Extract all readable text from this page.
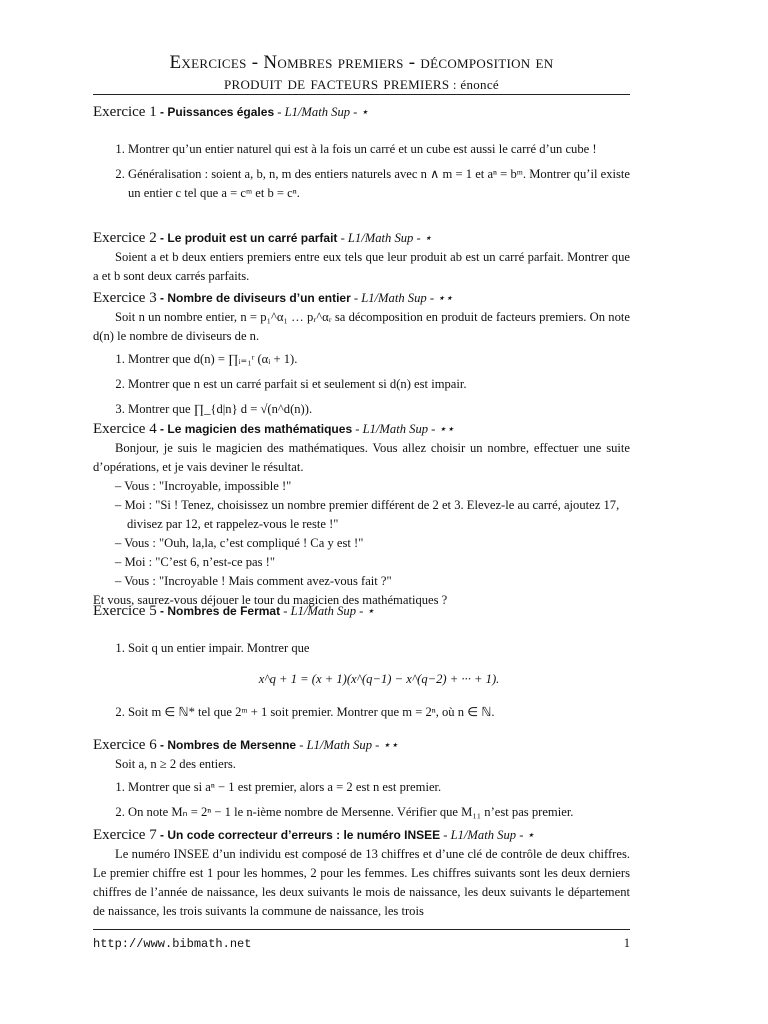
Exercices - Nombres premiers - décomposition en
produit de facteurs premiers : énoncé
Exercice 1 - Puissances égales - L1/Math Sup - ⋆
1. Montrer qu’un entier naturel qui est à la fois un carré et un cube est aussi le carré d’un cube !
2. Généralisation : soient a, b, n, m des entiers naturels avec n ∧ m = 1 et aⁿ = bᵐ. Montrer qu’il existe un entier c tel que a = cᵐ et b = cⁿ.
Exercice 2 - Le produit est un carré parfait - L1/Math Sup - ⋆

Soient a et b deux entiers premiers entre eux tels que leur produit ab est un carré parfait. Montrer que a et b sont deux carrés parfaits.

Exercice 3 - Nombre de diviseurs d’un entier - L1/Math Sup - ⋆⋆

Soit n un nombre entier, n = p₁^α₁ … pᵣ^αᵣ sa décomposition en produit de facteurs premiers. On note d(n) le nombre de diviseurs de n.

1. Montrer que d(n) = ∏ᵢ₌₁ʳ (αᵢ + 1).
2. Montrer que n est un carré parfait si et seulement si d(n) est impair.
3. Montrer que ∏_{d|n} d = √(n^d(n)).
Exercice 4 - Le magicien des mathématiques - L1/Math Sup - ⋆⋆

Bonjour, je suis le magicien des mathématiques. Vous allez choisir un nombre, effectuer une suite d’opérations, et je vais deviner le résultat.

– Vous : "Incroyable, impossible !"
– Moi : "Si ! Tenez, choisissez un nombre premier différent de 2 et 3. Elevez-le au carré, ajoutez 17, divisez par 12, et rappelez-vous le reste !"
– Vous : "Ouh, la,la, c’est compliqué ! Ca y est !"
– Moi : "C’est 6, n’est-ce pas !"
– Vous : "Incroyable ! Mais comment avez-vous fait ?"
Et vous, saurez-vous déjouer le tour du magicien des mathématiques ?
Exercice 5 - Nombres de Fermat - L1/Math Sup - ⋆
1. Soit q un entier impair. Montrer que
x^q + 1 = (x + 1)(x^(q−1) − x^(q−2) + ··· + 1).
2. Soit m ∈ ℕ* tel que 2ᵐ + 1 soit premier. Montrer que m = 2ⁿ, où n ∈ ℕ.
Exercice 6 - Nombres de Mersenne - L1/Math Sup - ⋆⋆

Soit a, n ≥ 2 des entiers.

1. Montrer que si aⁿ − 1 est premier, alors a = 2 est n est premier.
2. On note Mₙ = 2ⁿ − 1 le n-ième nombre de Mersenne. Vérifier que M₁₁ n’est pas premier.
Exercice 7 - Un code correcteur d’erreurs : le numéro INSEE - L1/Math Sup - ⋆

Le numéro INSEE d’un individu est composé de 13 chiffres et d’une clé de contrôle de deux chiffres. Le premier chiffre est 1 pour les hommes, 2 pour les femmes. Les chiffres suivants sont les deux derniers chiffres de l’année de naissance, les deux suivants le mois de naissance, les deux suivants le département de naissance, les trois suivants la commune de naissance, les trois

http://www.bibmath.net	1
